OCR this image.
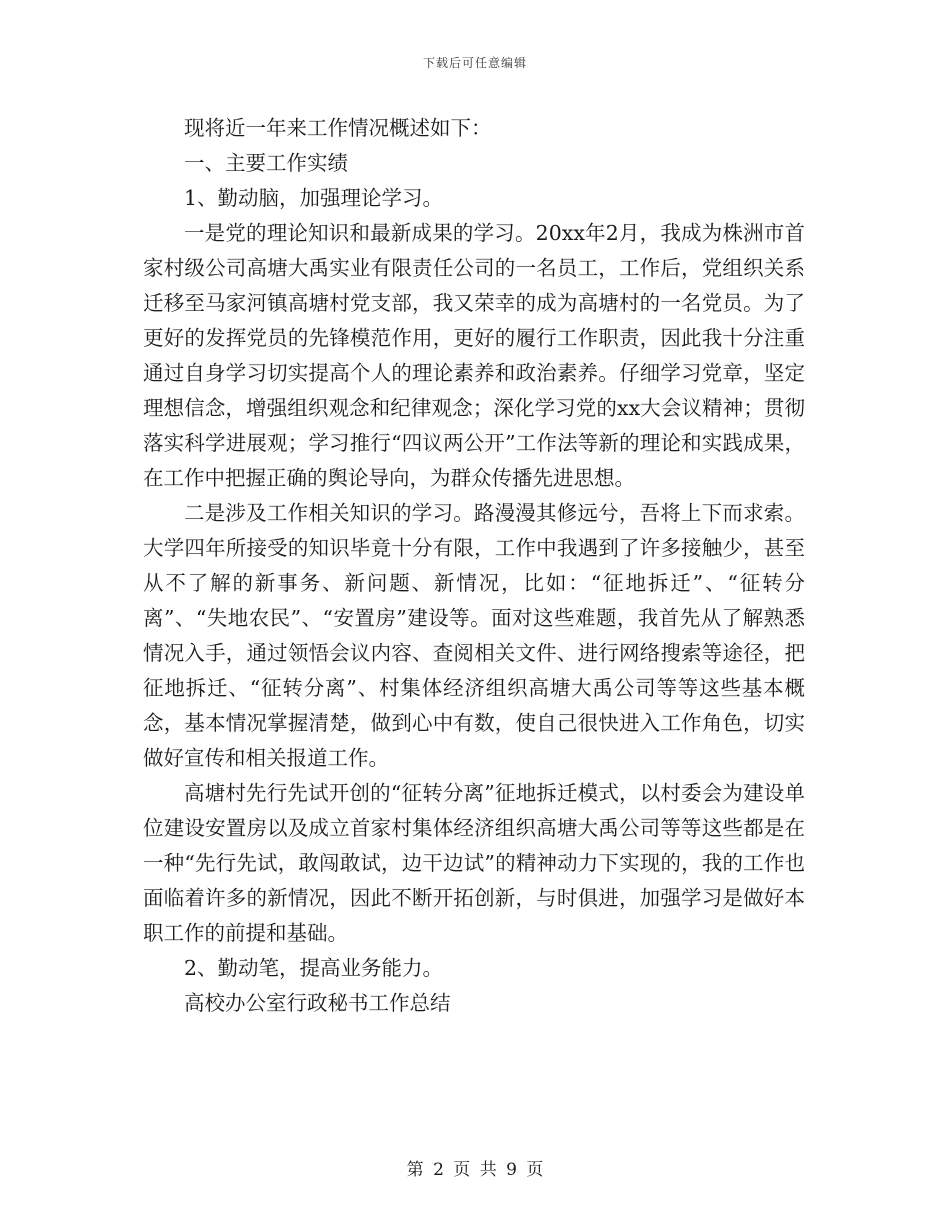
下载后可任意编辑

现将近一年来工作情况概述如下：

一、主要工作实绩

1、勤动脑，加强理论学习。

一是党的理论知识和最新成果的学习。20xx年2月，我成为株洲市首家村级公司高塘大禹实业有限责任公司的一名员工，工作后，党组织关系迁移至马家河镇高塘村党支部，我又荣幸的成为高塘村的一名党员。为了更好的发挥党员的先锋模范作用，更好的履行工作职责，因此我十分注重通过自身学习切实提高个人的理论素养和政治素养。仔细学习党章，坚定理想信念，增强组织观念和纪律观念；深化学习党的xx大会议精神；贯彻落实科学进展观；学习推行“四议两公开”工作法等新的理论和实践成果，在工作中把握正确的舆论导向，为群众传播先进思想。

二是涉及工作相关知识的学习。路漫漫其修远兮，吾将上下而求索。大学四年所接受的知识毕竟十分有限，工作中我遇到了许多接触少，甚至从不了解的新事务、新问题、新情况，比如：“征地拆迁”、“征转分离”、“失地农民”、“安置房”建设等。面对这些难题，我首先从了解熟悉情况入手，通过领悟会议内容、查阅相关文件、进行网络搜索等途径，把征地拆迁、“征转分离”、村集体经济组织高塘大禹公司等等这些基本概念，基本情况掌握清楚，做到心中有数，使自己很快进入工作角色，切实做好宣传和相关报道工作。

高塘村先行先试开创的“征转分离”征地拆迁模式，以村委会为建设单位建设安置房以及成立首家村集体经济组织高塘大禹公司等等这些都是在一种“先行先试，敢闯敢试，边干边试”的精神动力下实现的，我的工作也面临着许多的新情况，因此不断开拓创新，与时俱进，加强学习是做好本职工作的前提和基础。

2、勤动笔，提高业务能力。

高校办公室行政秘书工作总结

第 2 页 共 9 页
